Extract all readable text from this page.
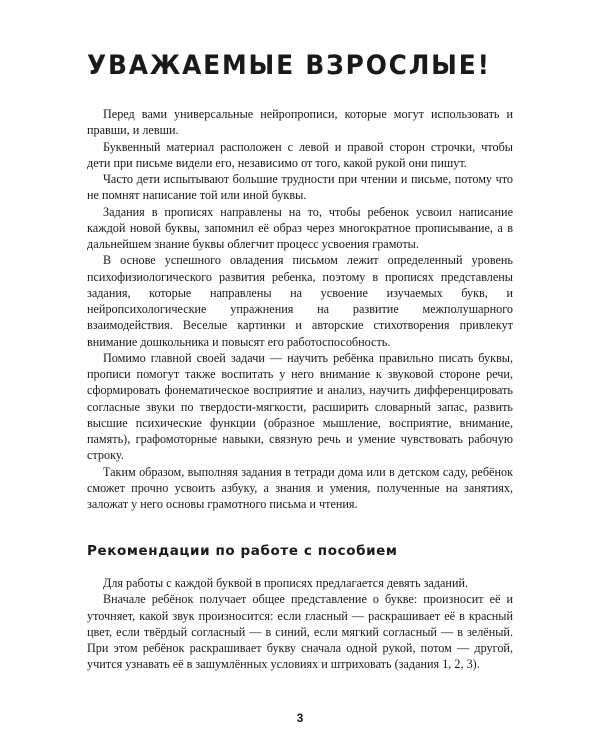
УВАЖАЕМЫЕ ВЗРОСЛЫЕ!

Перед вами универсальные нейропрописи, которые могут использовать и правши, и левши.

Буквенный материал расположен с левой и правой сторон строчки, чтобы дети при письме видели его, независимо от того, какой рукой они пишут.

Часто дети испытывают большие трудности при чтении и письме, потому что не помнят написание той или иной буквы.

Задания в прописях направлены на то, чтобы ребенок усвоил написание каждой новой буквы, запомнил её образ через многократное прописывание, а в дальнейшем знание буквы облегчит процесс усвоения грамоты.

В основе успешного овладения письмом лежит определенный уровень психофизиологического развития ребенка, поэтому в прописях представлены задания, которые направлены на усвоение изучаемых букв, и нейропсихологические упражнения на развитие межполушарного взаимодействия. Веселые картинки и авторские стихотворения привлекут внимание дошкольника и повысят его работоспособность.

Помимо главной своей задачи — научить ребёнка правильно писать буквы, прописи помогут также воспитать у него внимание к звуковой стороне речи, сформировать фонематическое восприятие и анализ, научить дифференцировать согласные звуки по твердости-мягкости, расширить словарный запас, развить высшие психические функции (образное мышление, восприятие, внимание, память), графомоторные навыки, связную речь и умение чувствовать рабочую строку.

Таким образом, выполняя задания в тетради дома или в детском саду, ребёнок сможет прочно усвоить азбуку, а знания и умения, полученные на занятиях, заложат у него основы грамотного письма и чтения.

Рекомендации по работе с пособием

Для работы с каждой буквой в прописях предлагается девять заданий.

Вначале ребёнок получает общее представление о букве: произносит её и уточняет, какой звук произносится: если гласный — раскрашивает её в красный цвет, если твёрдый согласный — в синий, если мягкий согласный — в зелёный. При этом ребёнок раскрашивает букву сначала одной рукой, потом — другой, учится узнавать её в зашумлённых условиях и штриховать (задания 1, 2, 3).

3
